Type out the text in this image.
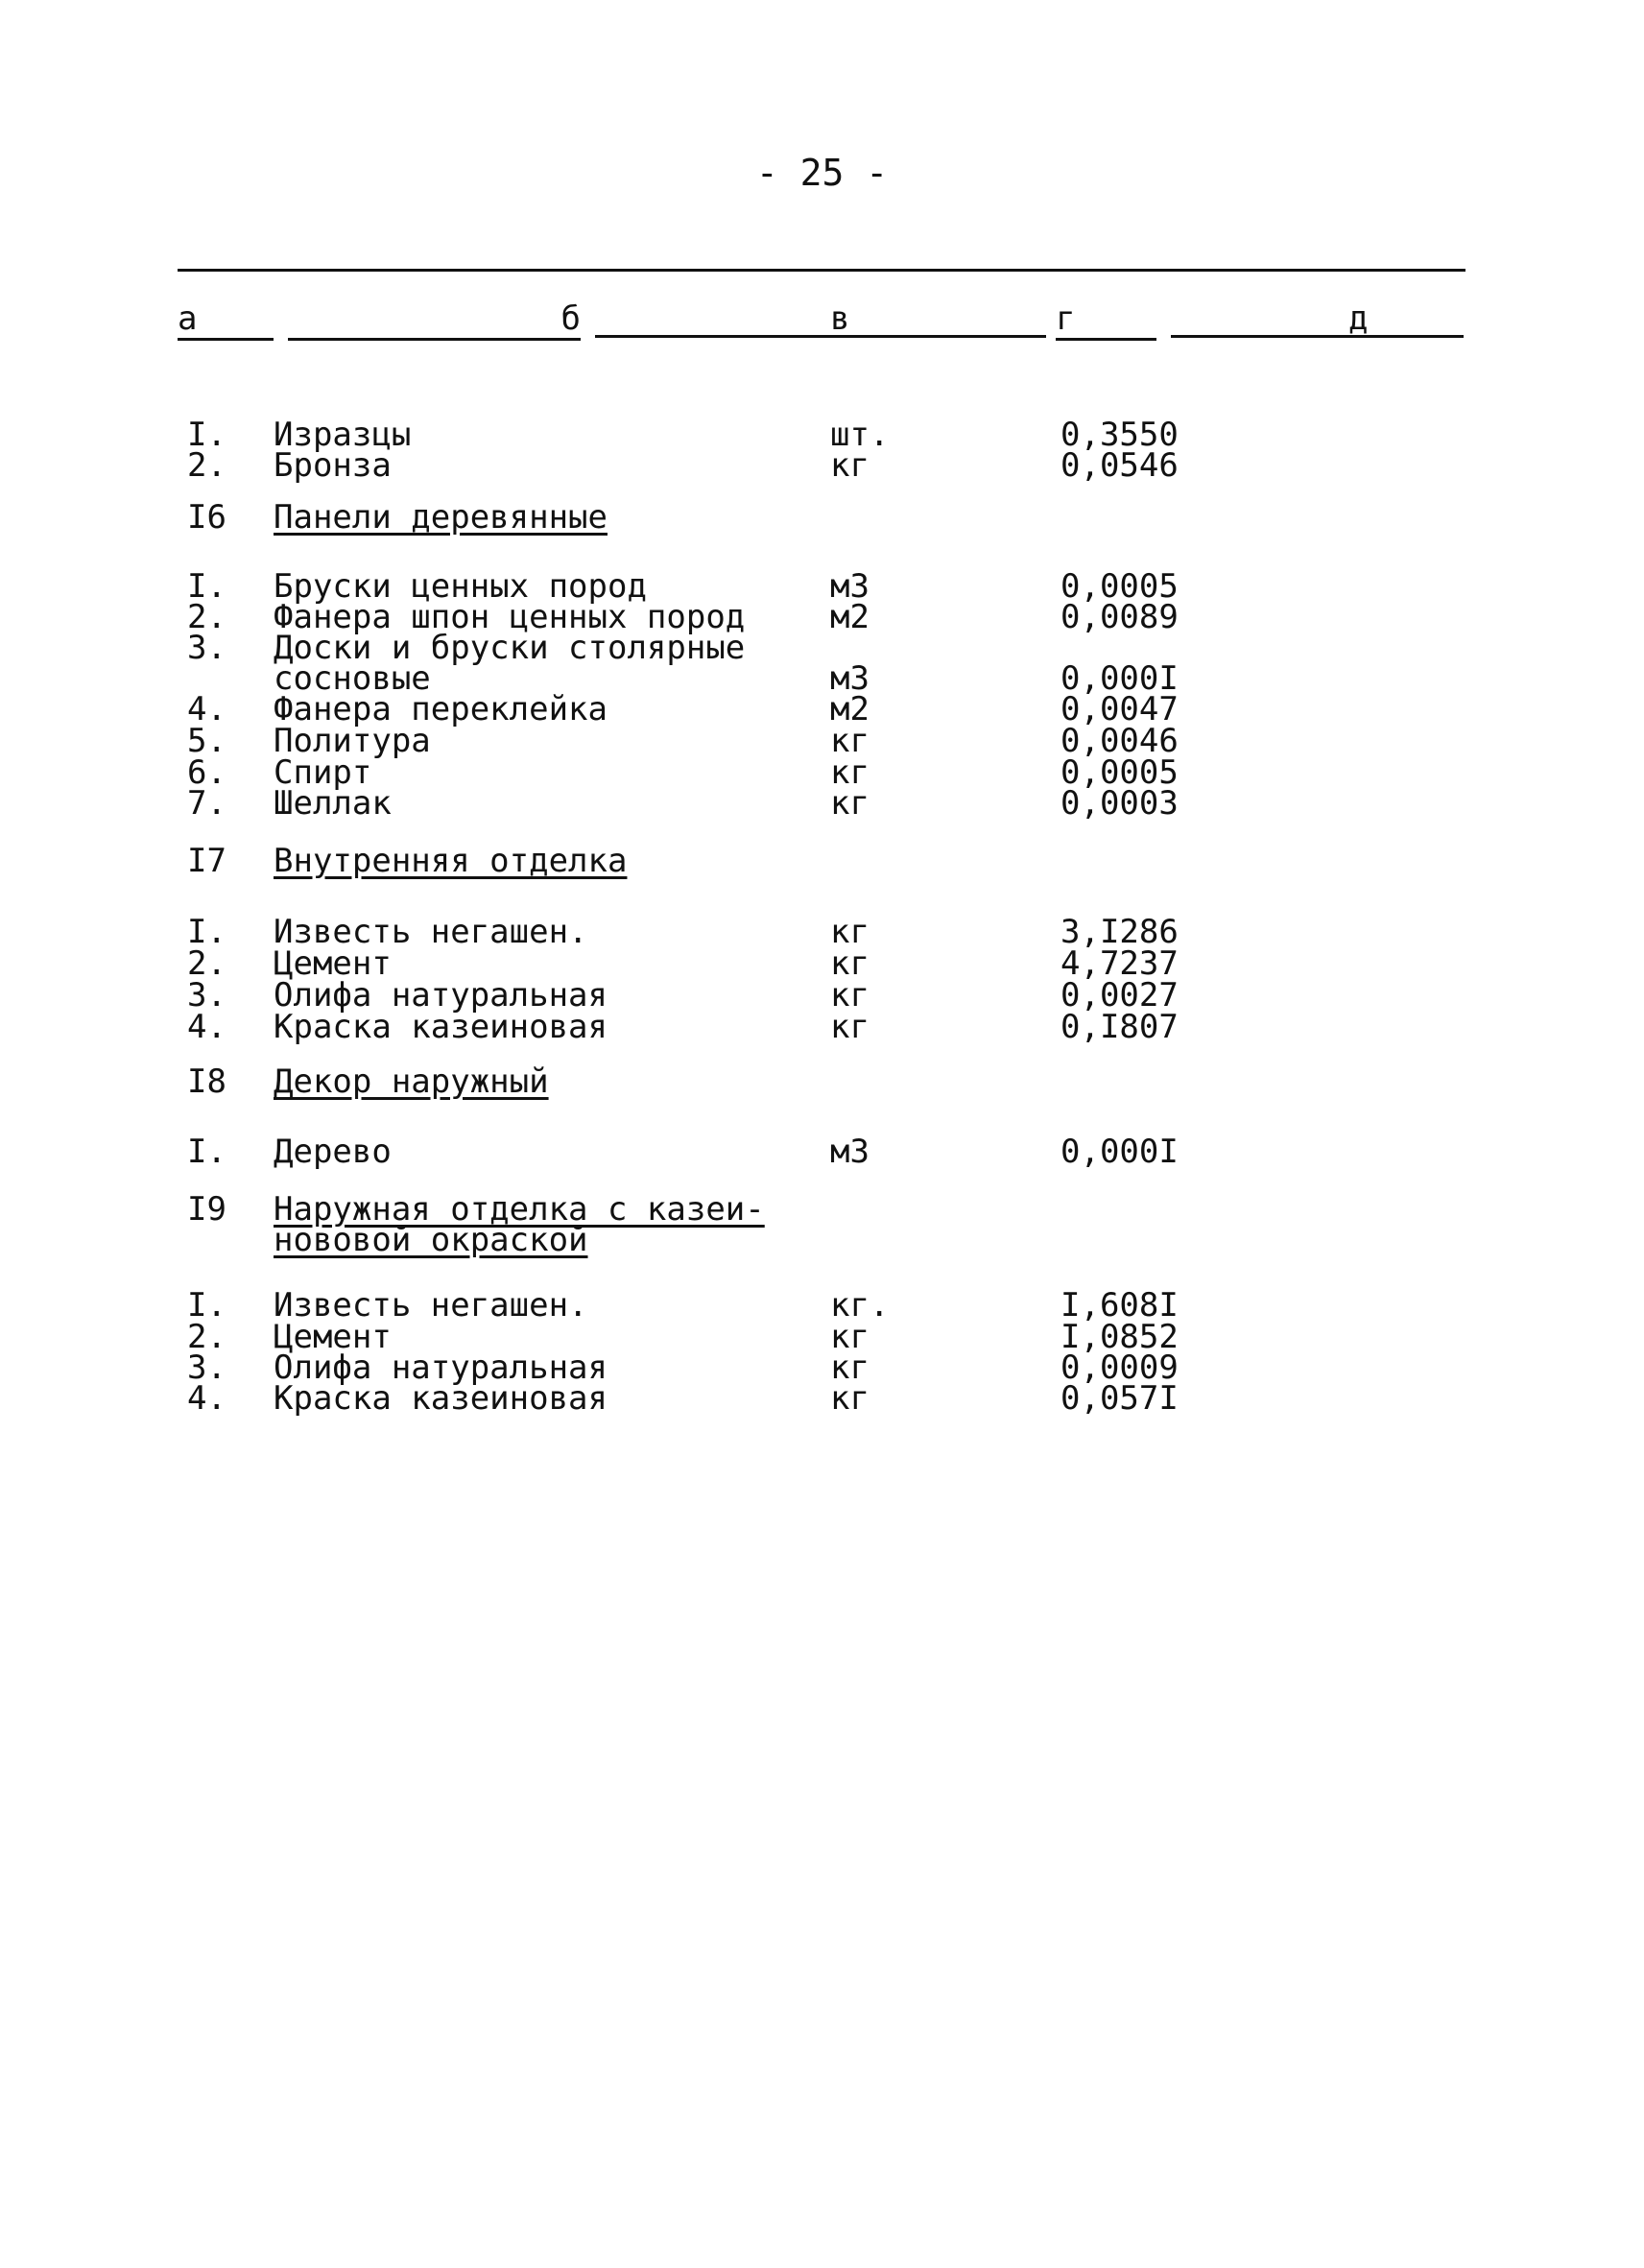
- 25 -
а	б	в	г	д
I. Изразцы	шт.	0,3550
2. Бронза	кг	0,0546
I6 Панели деревянные
I. Бруски ценных пород	м3	0,0005
2. Фанера шпон ценных пород	м2	0,0089
3. Доски и бруски столярные
сосновые	м3	0,000I
4. Фанера переклейка	м2	0,0047
5. Политура	кг	0,0046
6. Спирт	кг	0,0005
7. Шеллак	кг	0,0003
I7 Внутренняя отделка
I. Известь негашен.	кг	3,I286
2. Цемент	кг	4,7237
3. Олифа натуральная	кг	0,0027
4. Краска казеиновая	кг	0,I807
I8 Декор наружный
I. Дерево	м3	0,000I
I9 Наружная отделка с казеи-
нововой окраской
I. Известь негашен.	кг.	I,608I
2. Цемент	кг	I,0852
3. Олифа натуральная	кг	0,0009
4. Краска казеиновая	кг	0,057I
